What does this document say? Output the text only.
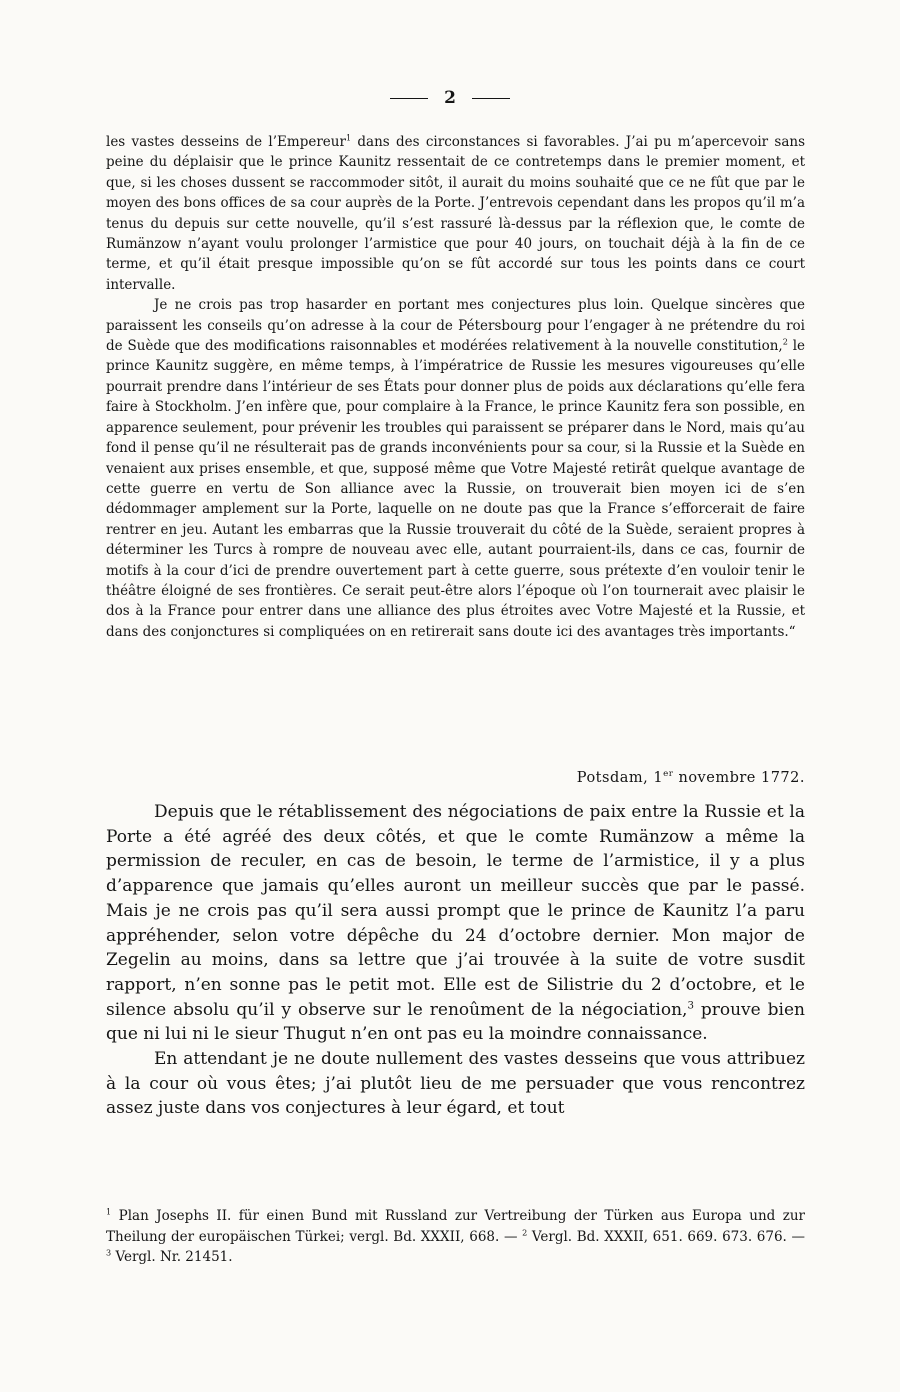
2

les vastes desseins de l’Empereur$^1$ dans des circonstances si favorables. J’ai pu m’apercevoir sans peine du déplaisir que le prince Kaunitz ressentait de ce contretemps dans le premier moment, et que, si les choses dussent se raccommoder sitôt, il aurait du moins souhaité que ce ne fût que par le moyen des bons offices de sa cour auprès de la Porte. J’entrevois cependant dans les propos qu’il m’a tenus du depuis sur cette nouvelle, qu’il s’est rassuré là-dessus par la réflexion que, le comte de Rumänzow n’ayant voulu prolonger l’armistice que pour 40 jours, on touchait déjà à la fin de ce terme, et qu’il était presque impossible qu’on se fût accordé sur tous les points dans ce court intervalle.

Je ne crois pas trop hasarder en portant mes conjectures plus loin. Quelque sincères que paraissent les conseils qu’on adresse à la cour de Pétersbourg pour l’engager à ne prétendre du roi de Suède que des modifications raisonnables et modérées relativement à la nouvelle constitution,$^2$ le prince Kaunitz suggère, en même temps, à l’impératrice de Russie les mesures vigoureuses qu’elle pourrait prendre dans l’intérieur de ses États pour donner plus de poids aux déclarations qu’elle fera faire à Stockholm. J’en infère que, pour complaire à la France, le prince Kaunitz fera son possible, en apparence seulement, pour prévenir les troubles qui paraissent se préparer dans le Nord, mais qu’au fond il pense qu’il ne résulterait pas de grands inconvénients pour sa cour, si la Russie et la Suède en venaient aux prises ensemble, et que, supposé même que Votre Majesté retirât quelque avantage de cette guerre en vertu de Son alliance avec la Russie, on trouverait bien moyen ici de s’en dédommager amplement sur la Porte, laquelle on ne doute pas que la France s’efforcerait de faire rentrer en jeu. Autant les embarras que la Russie trouverait du côté de la Suède, seraient propres à déterminer les Turcs à rompre de nouveau avec elle, autant pourraient-ils, dans ce cas, fournir de motifs à la cour d’ici de prendre ouvertement part à cette guerre, sous prétexte d’en vouloir tenir le théâtre éloigné de ses frontières. Ce serait peut-être alors l’époque où l’on tournerait avec plaisir le dos à la France pour entrer dans une alliance des plus étroites avec Votre Majesté et la Russie, et dans des conjonctures si compliquées on en retirerait sans doute ici des avantages très importants.“

Potsdam, 1er novembre 1772.

Depuis que le rétablissement des négociations de paix entre la Russie et la Porte a été agréé des deux côtés, et que le comte Rumänzow a même la permission de reculer, en cas de besoin, le terme de l’armistice, il y a plus d’apparence que jamais qu’elles auront un meilleur succès que par le passé. Mais je ne crois pas qu’il sera aussi prompt que le prince de Kaunitz l’a paru appréhender, selon votre dépêche du 24 d’octobre dernier. Mon major de Zegelin au moins, dans sa lettre que j’ai trouvée à la suite de votre susdit rapport, n’en sonne pas le petit mot. Elle est de Silistrie du 2 d’octobre, et le silence absolu qu’il y observe sur le renoûment de la négociation,$^3$ prouve bien que ni lui ni le sieur Thugut n’en ont pas eu la moindre connaissance.

En attendant je ne doute nullement des vastes desseins que vous attribuez à la cour où vous êtes; j’ai plutôt lieu de me persuader que vous rencontrez assez juste dans vos conjectures à leur égard, et tout

$^1$ Plan Josephs II. für einen Bund mit Russland zur Vertreibung der Türken aus Europa und zur Theilung der europäischen Türkei; vergl. Bd. XXXII, 668. — $^2$ Vergl. Bd. XXXII, 651. 669. 673. 676. — $^3$ Vergl. Nr. 21451.
